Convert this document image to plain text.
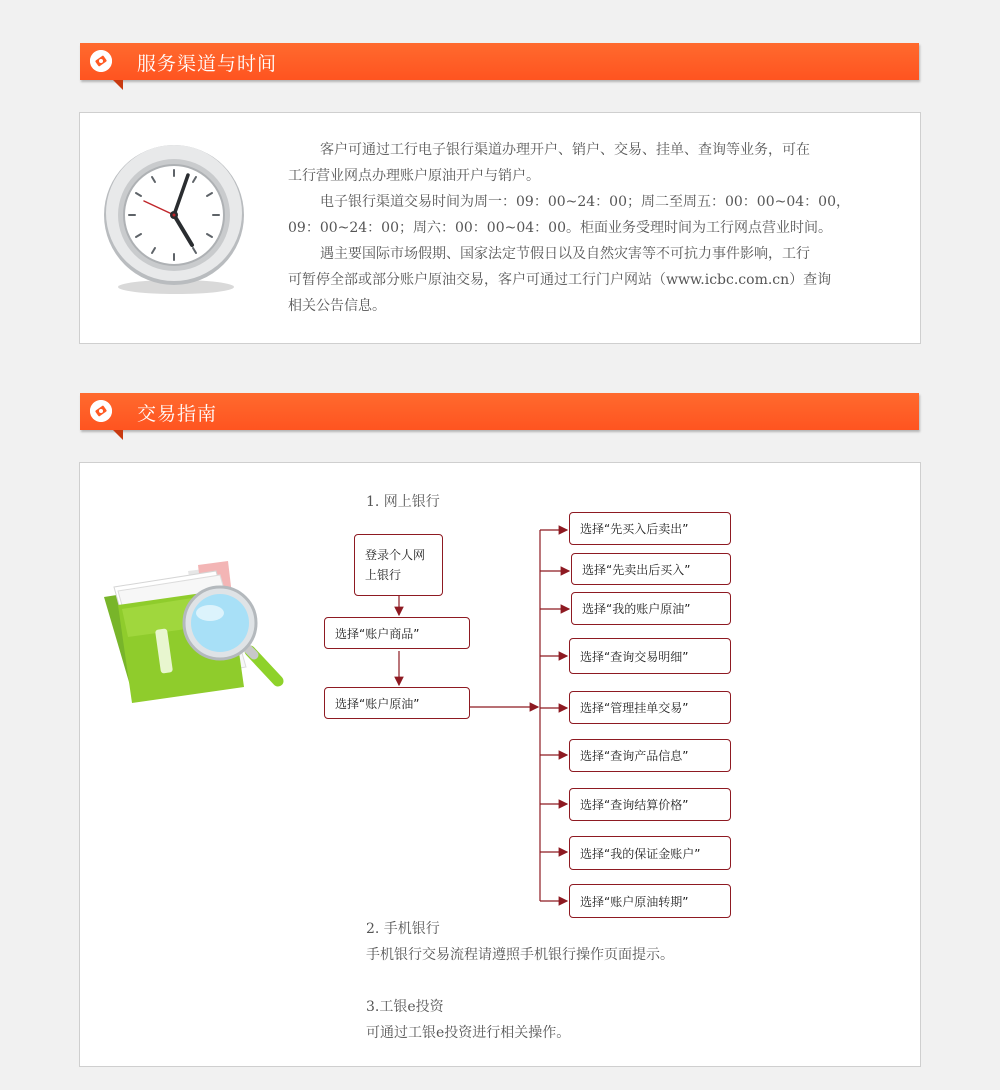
服务渠道与时间

客户可通过工行电子银行渠道办理开户、销户、交易、挂单、查询等业务，可在

工行营业网点办理账户原油开户与销户。

电子银行渠道交易时间为周一：09：00~24：00；周二至周五：00：00~04：00，

09：00~24：00；周六：00：00~04：00。柜面业务受理时间为工行网点营业时间。

遇主要国际市场假期、国家法定节假日以及自然灾害等不可抗力事件影响，工行

可暂停全部或部分账户原油交易，客户可通过工行门户网站（www.icbc.com.cn）查询

相关公告信息。

交易指南
1. 网上银行
登录个人网
上银行
选择“账户商品”
选择“账户原油”
选择“先买入后卖出”
选择“先卖出后买入”
选择“我的账户原油”
选择“查询交易明细”
选择“管理挂单交易”
选择“查询产品信息”
选择“查询结算价格”
选择“我的保证金账户”
选择“账户原油转期”
2. 手机银行
手机银行交易流程请遵照手机银行操作页面提示。
3.工银e投资
可通过工银e投资进行相关操作。
